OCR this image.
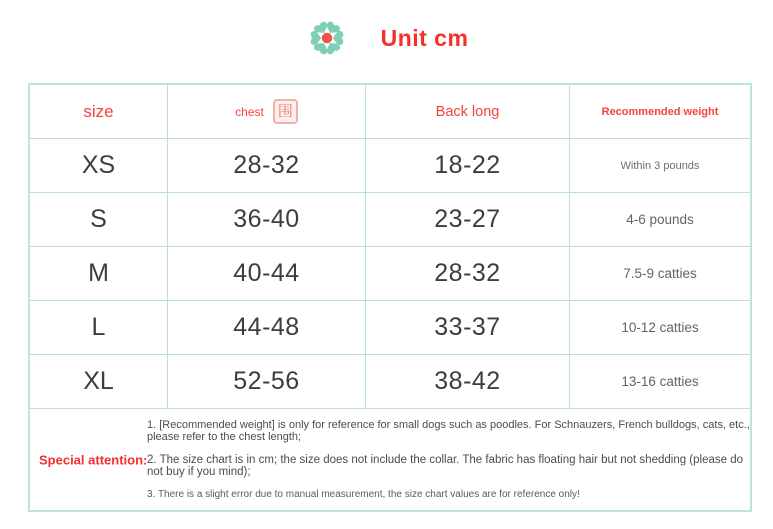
Unit cm
size	chest 围	Back long	Recommended weight
XS	28-32	18-22	Within 3 pounds
S	36-40	23-27	4-6 pounds
M	40-44	28-32	7.5-9 catties
L	44-48	33-37	10-12 catties
XL	52-56	38-42	13-16 catties
Special attention:

1. [Recommended weight] is only for reference for small dogs such as poodles. For Schnauzers, French bulldogs, cats, etc., please refer to the chest length;

2. The size chart is in cm; the size does not include the collar. The fabric has floating hair but not shedding (please do not buy if you mind);

3. There is a slight error due to manual measurement, the size chart values are for reference only!
